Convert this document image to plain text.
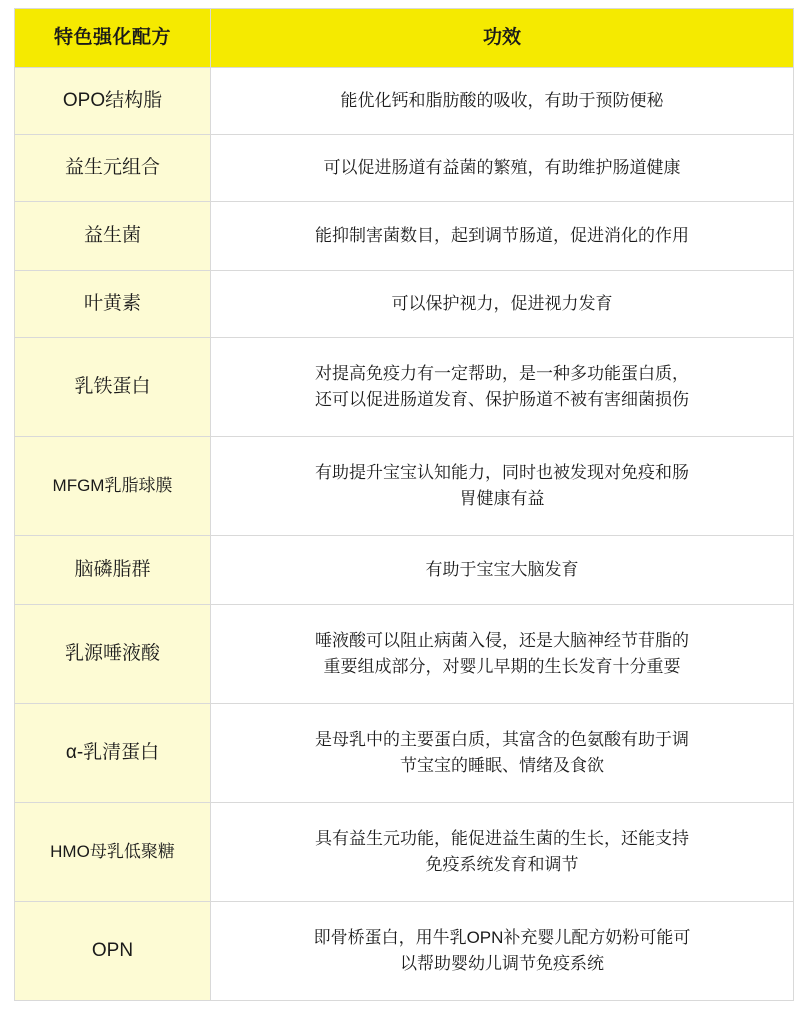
特色强化配方	功效
OPO结构脂	能优化钙和脂肪酸的吸收，有助于预防便秘

益生元组合	可以促进肠道有益菌的繁殖，有助维护肠道健康

益生菌	能抑制害菌数目，起到调节肠道，促进消化的作用

叶黄素	可以保护视力，促进视力发育

乳铁蛋白	对提高免疫力有一定帮助，是一种多功能蛋白质，
还可以促进肠道发育、保护肠道不被有害细菌损伤

MFGM乳脂球膜	有助提升宝宝认知能力，同时也被发现对免疫和肠
胃健康有益

脑磷脂群	有助于宝宝大脑发育

乳源唾液酸	唾液酸可以阻止病菌入侵，还是大脑神经节苷脂的
重要组成部分，对婴儿早期的生长发育十分重要

α-乳清蛋白	是母乳中的主要蛋白质，其富含的色氨酸有助于调
节宝宝的睡眠、情绪及食欲

HMO母乳低聚糖	具有益生元功能，能促进益生菌的生长，还能支持
免疫系统发育和调节

OPN	即骨桥蛋白，用牛乳OPN补充婴儿配方奶粉可能可
以帮助婴幼儿调节免疫系统
